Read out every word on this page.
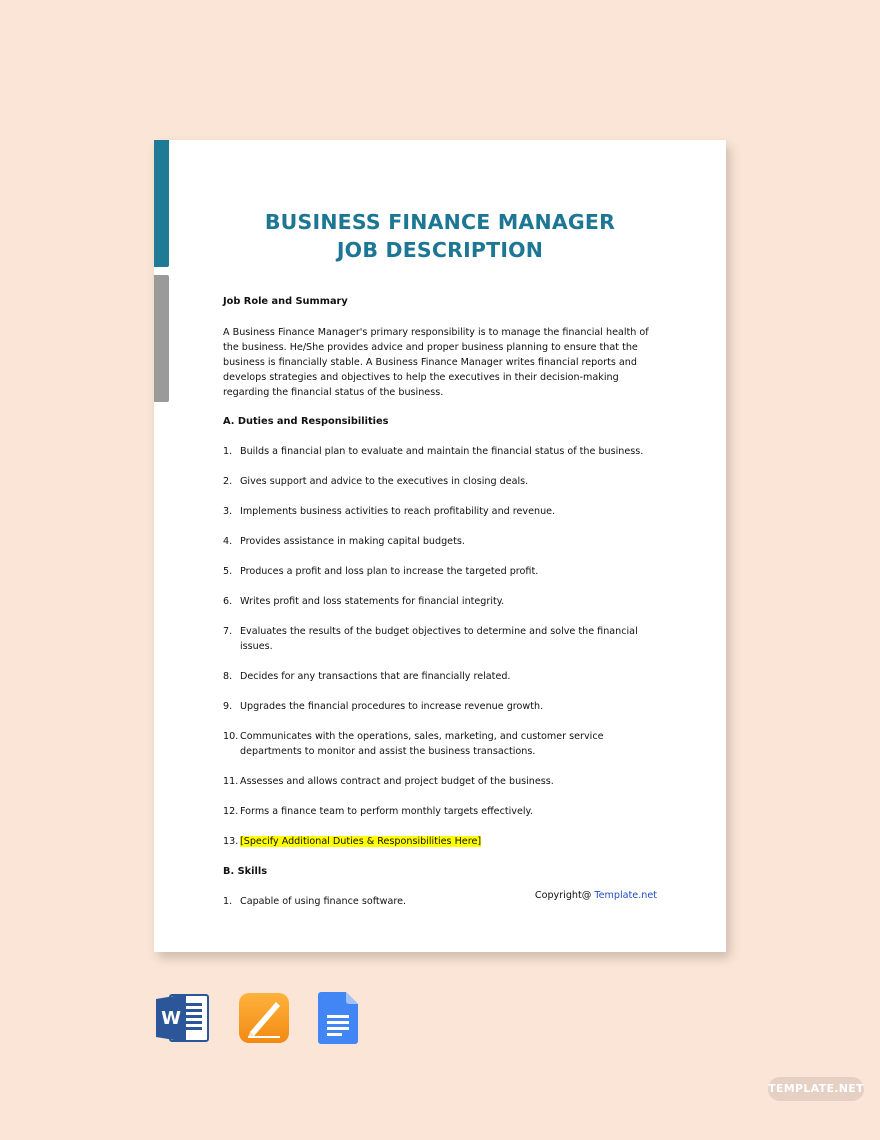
BUSINESS FINANCE MANAGER
JOB DESCRIPTION
Job Role and Summary
A Business Finance Manager's primary responsibility is to manage the financial health of the business. He/She provides advice and proper business planning to ensure that the business is financially stable. A Business Finance Manager writes financial reports and develops strategies and objectives to help the executives in their decision-making regarding the financial status of the business.
A. Duties and Responsibilities
1. Builds a financial plan to evaluate and maintain the financial status of the business.
2. Gives support and advice to the executives in closing deals.
3. Implements business activities to reach profitability and revenue.
4. Provides assistance in making capital budgets.
5. Produces a profit and loss plan to increase the targeted profit.
6. Writes profit and loss statements for financial integrity.
7. Evaluates the results of the budget objectives to determine and solve the financial issues.
8. Decides for any transactions that are financially related.
9. Upgrades the financial procedures to increase revenue growth.
10. Communicates with the operations, sales, marketing, and customer service departments to monitor and assist the business transactions.
11. Assesses and allows contract and project budget of the business.
12. Forms a finance team to perform monthly targets effectively.
13. [Specify Additional Duties & Responsibilities Here]
B. Skills
1. Capable of using finance software.
Copyright@ Template.net
W
TEMPLATE.NET
